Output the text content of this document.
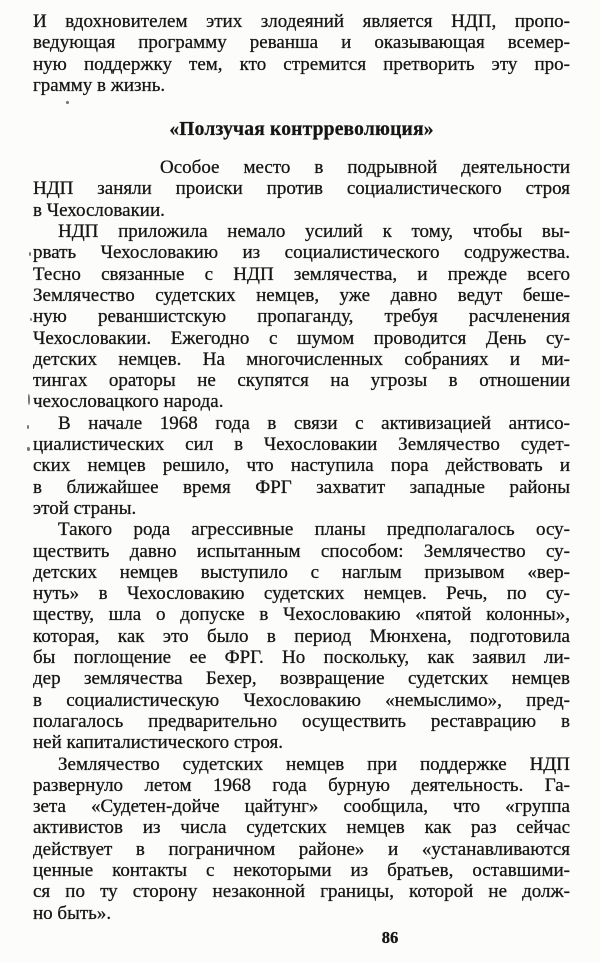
И вдохновителем этих злодеяний является НДП, пропо-
ведующая программу реванша и оказывающая всемер-
ную поддержку тем, кто стремится претворить эту про-
грамму в жизнь.
«Ползучая контрреволюция»
Особое место в подрывной деятельности
НДП заняли происки против социалистического строя
в Чехословакии.
НДП приложила немало усилий к тому, чтобы вы-
рвать Чехословакию из социалистического содружества.
Тесно связанные с НДП землячества, и прежде всего
Землячество судетских немцев, уже давно ведут беше-
ную реваншистскую пропаганду, требуя расчленения
Чехословакии. Ежегодно с шумом проводится День су-
детских немцев. На многочисленных собраниях и ми-
тингах ораторы не скупятся на угрозы в отношении
чехословацкого народа.
В начале 1968 года в связи с активизацией антисо-
циалистических сил в Чехословакии Землячество судет-
ских немцев решило, что наступила пора действовать и
в ближайшее время ФРГ захватит западные районы
этой страны.
Такого рода агрессивные планы предполагалось осу-
ществить давно испытанным способом: Землячество су-
детских немцев выступило с наглым призывом «вер-
нуть» в Чехословакию судетских немцев. Речь, по су-
ществу, шла о допуске в Чехословакию «пятой колонны»,
которая, как это было в период Мюнхена, подготовила
бы поглощение ее ФРГ. Но поскольку, как заявил ли-
дер землячества Бехер, возвращение судетских немцев
в социалистическую Чехословакию «немыслимо», пред-
полагалось предварительно осуществить реставрацию в
ней капиталистического строя.
Землячество судетских немцев при поддержке НДП
развернуло летом 1968 года бурную деятельность. Га-
зета «Судетен-дойче цайтунг» сообщила, что «группа
активистов из числа судетских немцев как раз сейчас
действует в пограничном районе» и «устанавливаются
ценные контакты с некоторыми из братьев, оставшими-
ся по ту сторону незаконной границы, которой не долж-
но быть».
86
